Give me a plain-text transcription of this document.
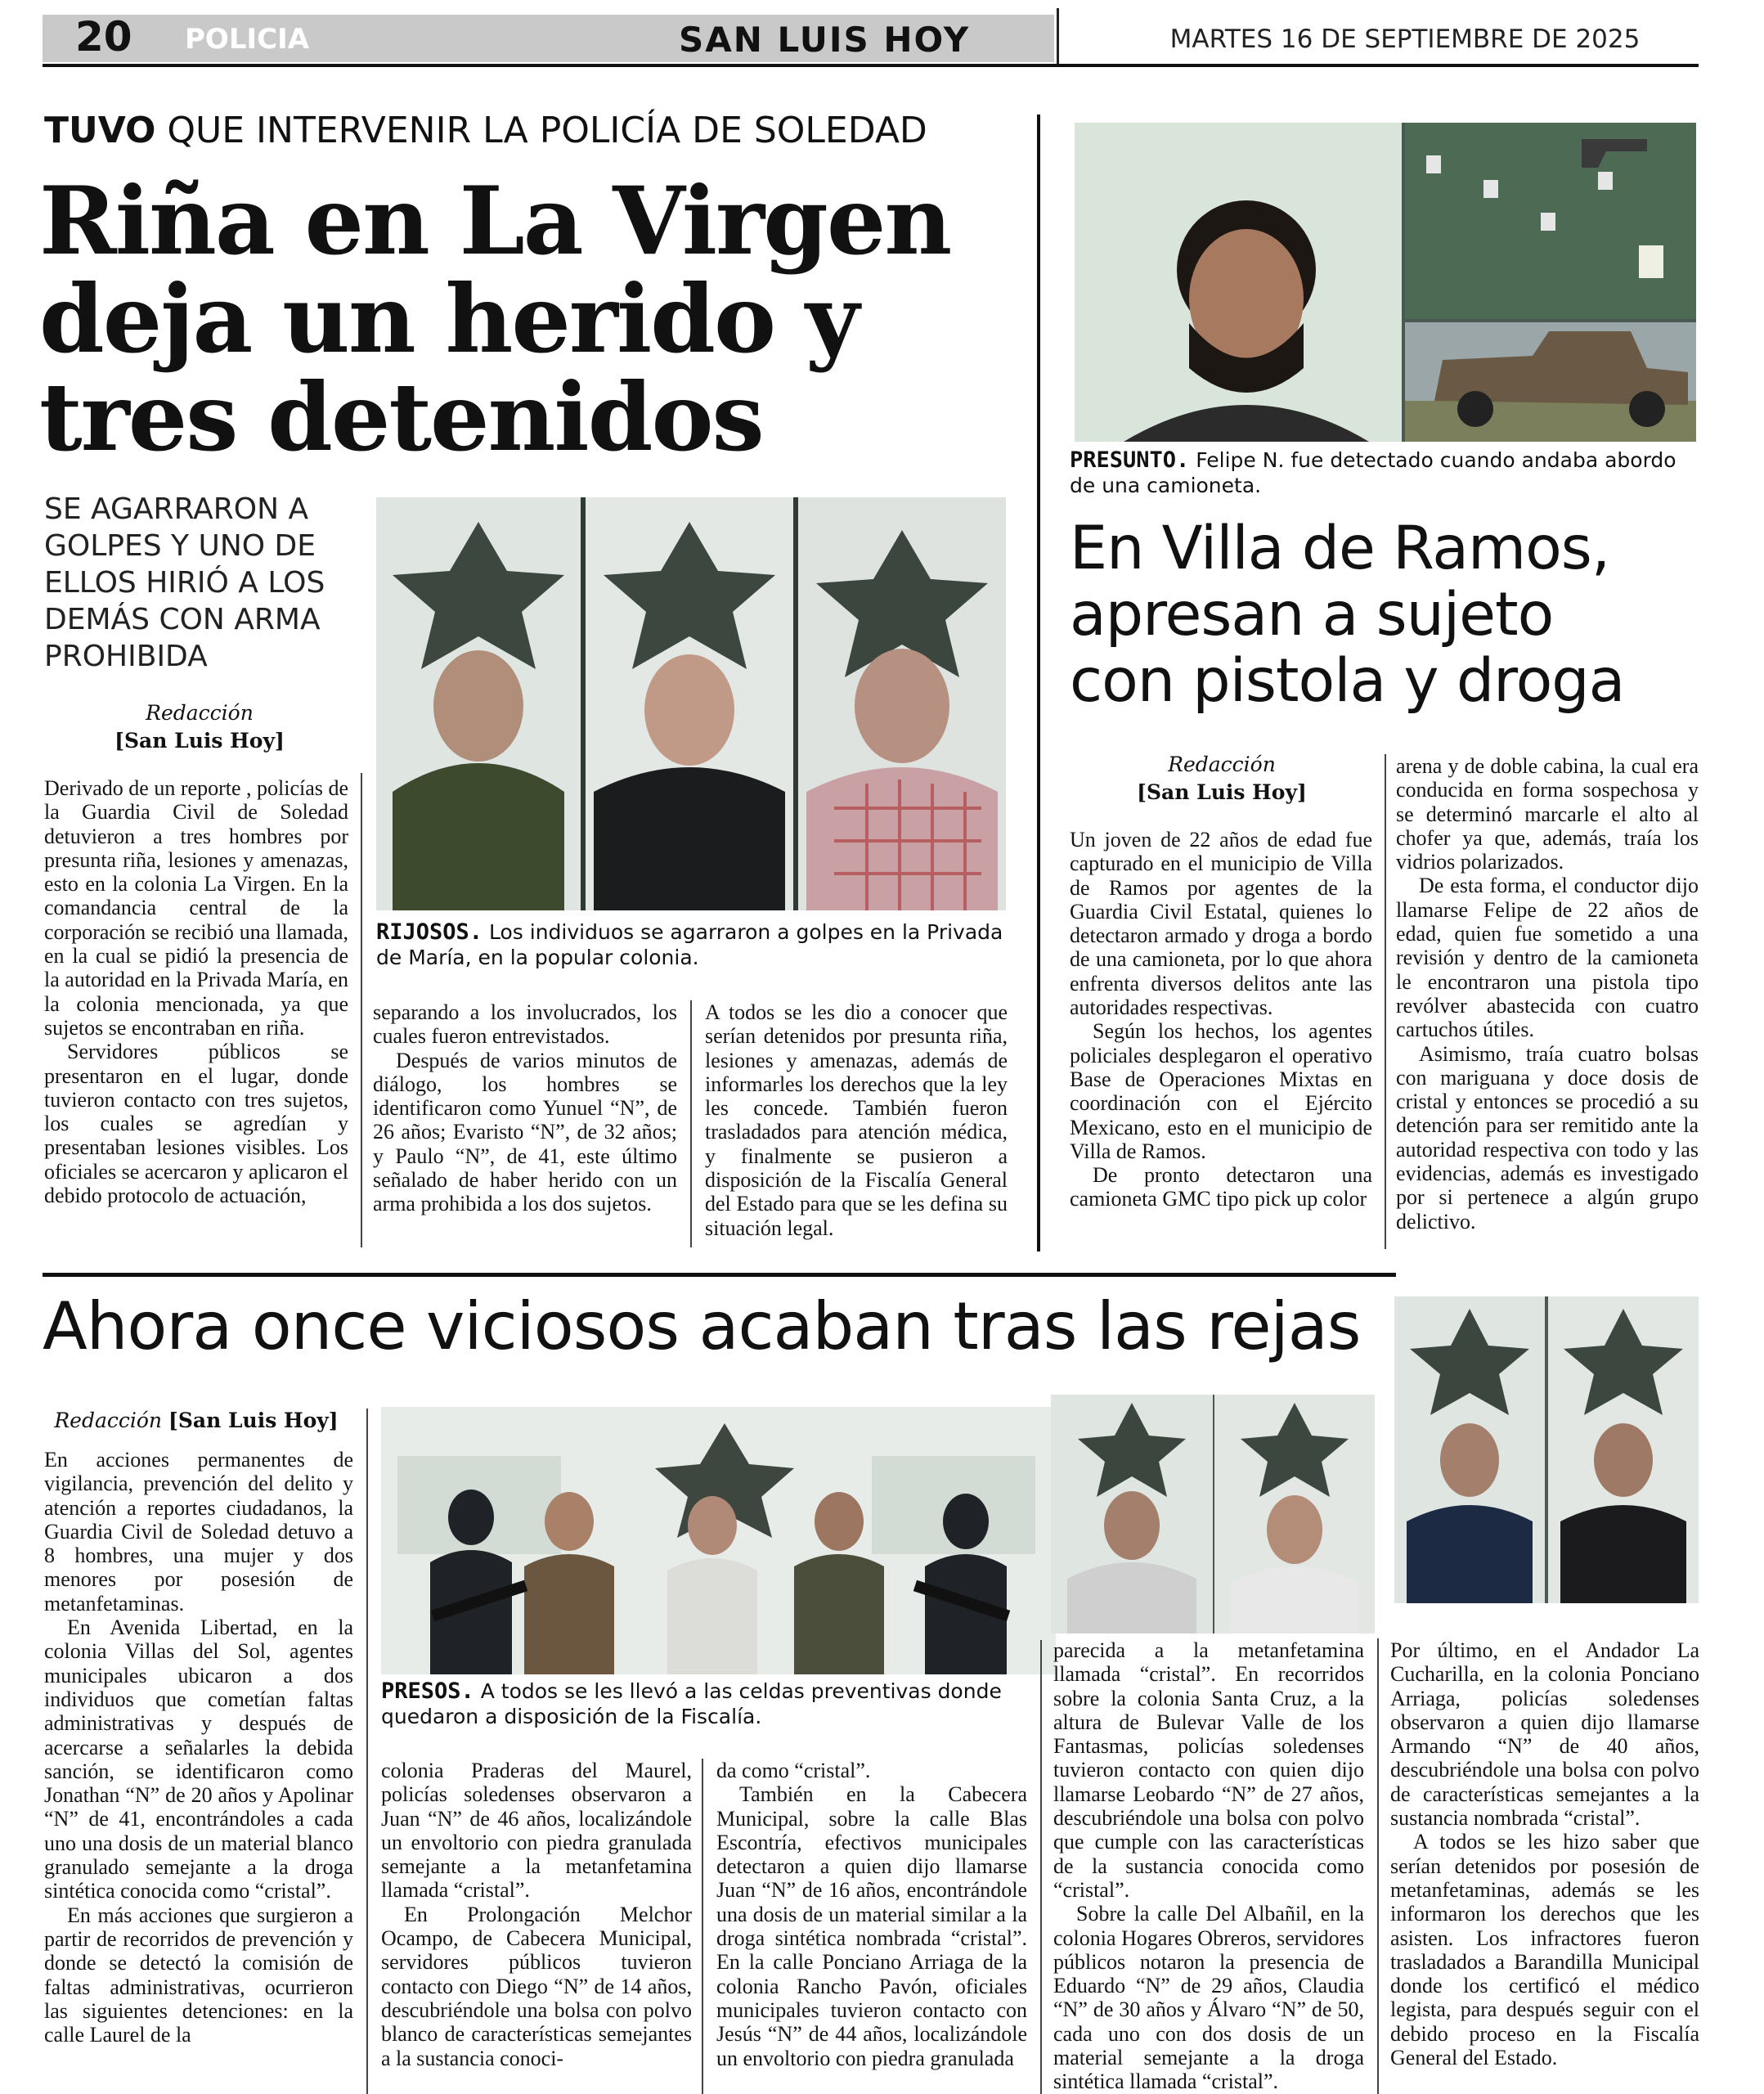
20 POLICIA	SAN LUIS HOY	MARTES 16 DE SEPTIEMBRE DE 2025
TUVO QUE INTERVENIR LA POLICÍA DE SOLEDAD
Riña en La Virgen
deja un herido y
tres detenidos
SE AGARRARON A
GOLPES Y UNO DE
ELLOS HIRIÓ A LOS
DEMÁS CON ARMA
PROHIBIDA
Redacción
[San Luis Hoy]
RIJOSOS. Los individuos se agarraron a golpes en la Privada de María, en la popular colonia.

Derivado de un reporte , policías de la Guardia Civil de Soledad detuvieron a tres hombres por presunta riña, lesiones y amenazas, esto en la colonia La Virgen. En la comandancia central de la corporación se recibió una llamada, en la cual se pidió la presencia de la autoridad en la Privada María, en la colonia mencionada, ya que sujetos se encontraban en riña.

Servidores públicos se presentaron en el lugar, donde tuvieron contacto con tres sujetos, los cuales se agredían y presentaban lesiones visibles. Los oficiales se acercaron y aplicaron el debido protocolo de actuación,

separando a los involucrados, los cuales fueron entrevistados.

Después de varios minutos de diálogo, los hombres se identificaron como Yunuel “N”, de 26 años; Evaristo “N”, de 32 años; y Paulo “N”, de 41, este último señalado de haber herido con un arma prohibida a los dos sujetos.

A todos se les dio a conocer que serían detenidos por presunta riña, lesiones y amenazas, además de informarles los derechos que la ley les concede. También fueron trasladados para atención médica, y finalmente se pusieron a disposición de la Fiscalía General del Estado para que se les defina su situación legal.

PRESUNTO. Felipe N. fue detectado cuando andaba abordo de una camioneta.
En Villa de Ramos,
apresan a sujeto
con pistola y droga
Redacción
[San Luis Hoy]

Un joven de 22 años de edad fue capturado en el municipio de Villa de Ramos por agentes de la Guardia Civil Estatal, quienes lo detectaron armado y droga a bordo de una camioneta, por lo que ahora enfrenta diversos delitos ante las autoridades respectivas.

Según los hechos, los agentes policiales desplegaron el operativo Base de Operaciones Mixtas en coordinación con el Ejército Mexicano, esto en el municipio de Villa de Ramos.

De pronto detectaron una camioneta GMC tipo pick up color

arena y de doble cabina, la cual era conducida en forma sospechosa y se determinó marcarle el alto al chofer ya que, además, traía los vidrios polarizados.

De esta forma, el conductor dijo llamarse Felipe de 22 años de edad, quien fue sometido a una revisión y dentro de la camioneta le encontraron una pistola tipo revólver abastecida con cuatro cartuchos útiles.

Asimismo, traía cuatro bolsas con mariguana y doce dosis de cristal y entonces se procedió a su detención para ser remitido ante la autoridad respectiva con todo y las evidencias, además es investigado por si pertenece a algún grupo delictivo.

Ahora once viciosos acaban tras las rejas
Redacción [San Luis Hoy]
PRESOS. A todos se les llevó a las celdas preventivas donde quedaron a disposición de la Fiscalía.

En acciones permanentes de vigilancia, prevención del delito y atención a reportes ciudadanos, la Guardia Civil de Soledad detuvo a 8 hombres, una mujer y dos menores por posesión de metanfetaminas.

En Avenida Libertad, en la colonia Villas del Sol, agentes municipales ubicaron a dos individuos que cometían faltas administrativas y después de acercarse a señalarles la debida sanción, se identificaron como Jonathan “N” de 20 años y Apolinar “N” de 41, encontrándoles a cada uno una dosis de un material blanco granulado semejante a la droga sintética conocida como “cristal”.

En más acciones que surgieron a partir de recorridos de prevención y donde se detectó la comisión de faltas administrativas, ocurrieron las siguientes detenciones: en la calle Laurel de la

colonia Praderas del Maurel, policías soledenses observaron a Juan “N” de 46 años, localizándole un envoltorio con piedra granulada semejante a la metanfetamina llamada “cristal”.

En Prolongación Melchor Ocampo, de Cabecera Municipal, servidores públicos tuvieron contacto con Diego “N” de 14 años, descubriéndole una bolsa con polvo blanco de características semejantes a la sustancia conoci-

da como “cristal”.

También en la Cabecera Municipal, sobre la calle Blas Escontría, efectivos municipales detectaron a quien dijo llamarse Juan “N” de 16 años, encontrándole una dosis de un material similar a la droga sintética nombrada “cristal”. En la calle Ponciano Arriaga de la colonia Rancho Pavón, oficiales municipales tuvieron contacto con Jesús “N” de 44 años, localizándole un envoltorio con piedra granulada

parecida a la metanfetamina llamada “cristal”. En recorridos sobre la colonia Santa Cruz, a la altura de Bulevar Valle de los Fantasmas, policías soledenses tuvieron contacto con quien dijo llamarse Leobardo “N” de 27 años, descubriéndole una bolsa con polvo que cumple con las características de la sustancia conocida como “cristal”.

Sobre la calle Del Albañil, en la colonia Hogares Obreros, servidores públicos notaron la presencia de Eduardo “N” de 29 años, Claudia “N” de 30 años y Álvaro “N” de 50, cada uno con dos dosis de un material semejante a la droga sintética llamada “cristal”.

Por último, en el Andador La Cucharilla, en la colonia Ponciano Arriaga, policías soledenses observaron a quien dijo llamarse Armando “N” de 40 años, descubriéndole una bolsa con polvo de características semejantes a la sustancia nombrada “cristal”.

A todos se les hizo saber que serían detenidos por posesión de metanfetaminas, además se les informaron los derechos que les asisten. Los infractores fueron trasladados a Barandilla Municipal donde los certificó el médico legista, para después seguir con el debido proceso en la Fiscalía General del Estado.
